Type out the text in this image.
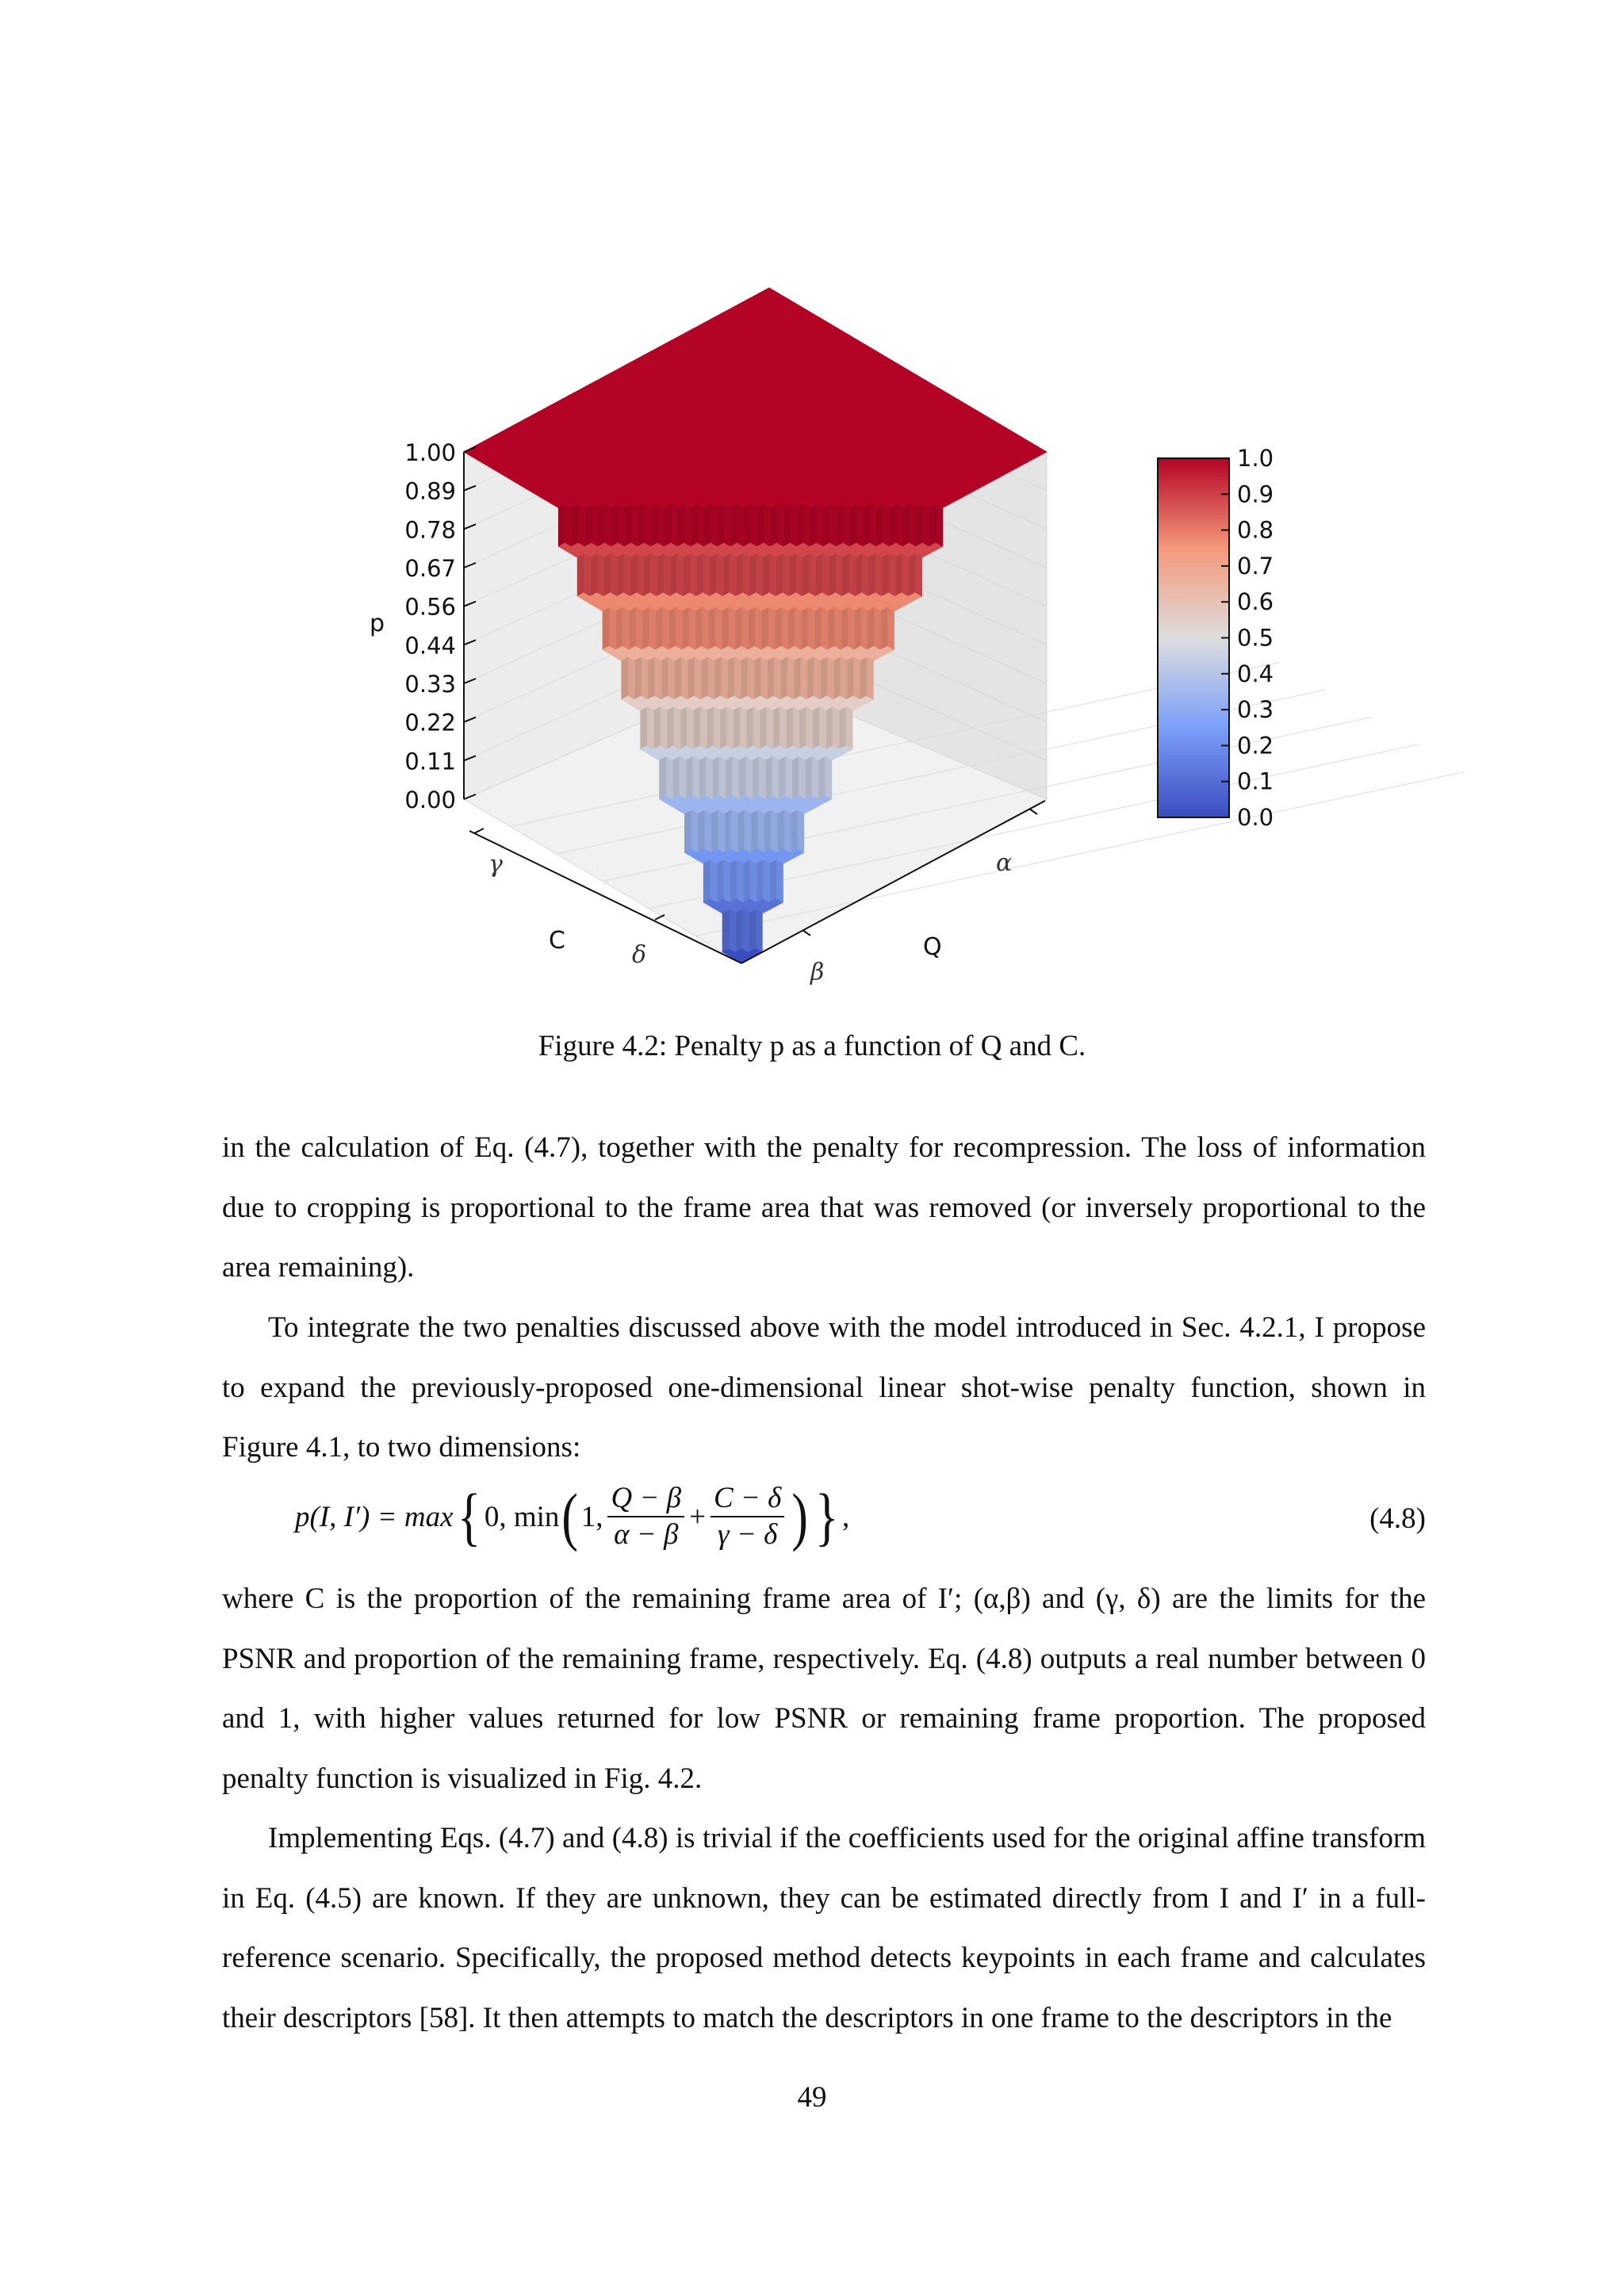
1.00
0.89
0.78
0.67
0.56
0.44
0.33
0.22
0.11
0.00
p
γ
δ
β
α
C	Q
1.0
0.9
0.8
0.7
0.6
0.5
0.4
0.3
0.2
0.1
0.0
Figure 4.2: Penalty p as a function of Q and C.

in the calculation of Eq. (4.7), together with the penalty for recompression. The loss of information due to cropping is proportional to the frame area that was removed (or inversely proportional to the area remaining).

To integrate the two penalties discussed above with the model introduced in Sec. 4.2.1, I propose to expand the previously-proposed one-dimensional linear shot-wise penalty function, shown in Figure 4.1, to two dimensions:

p(I, I′) = max { 0, min ( 1, $\frac{Q - \beta}{\alpha - \beta} + \frac{C - \delta}{\gamma - \delta}$ ) } ,	(4.8)

where C is the proportion of the remaining frame area of I′; (α,β) and (γ, δ) are the limits for the PSNR and proportion of the remaining frame, respectively. Eq. (4.8) outputs a real number between 0 and 1, with higher values returned for low PSNR or remaining frame proportion. The proposed penalty function is visualized in Fig. 4.2.

Implementing Eqs. (4.7) and (4.8) is trivial if the coefficients used for the original affine transform in Eq. (4.5) are known. If they are unknown, they can be estimated directly from I and I′ in a full-reference scenario. Specifically, the proposed method detects keypoints in each frame and calculates their descriptors [58]. It then attempts to match the descriptors in one frame to the descriptors in the

49
